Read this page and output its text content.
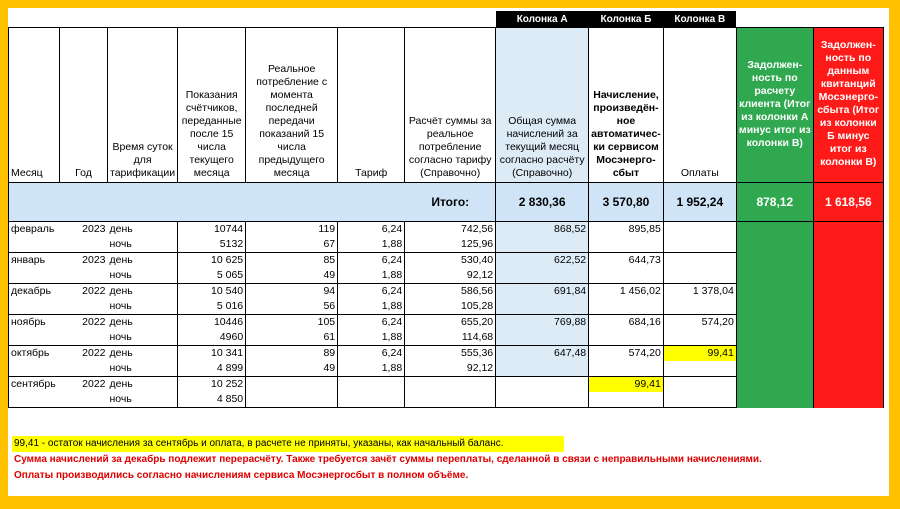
							Колонка А	Колонка Б	Колонка В		
Месяц	Год	Время суток для тарификации	Показания счётчиков, переданные после 15 числа текущего месяца	Реальное потребление с момента последней передачи показаний 15 числа предыдущего месяца	Тариф	Расчёт суммы за реальное потребление согласно тарифу (Справочно)	Общая сумма начислений за текущий месяц согласно расчёту (Справочно)	Начисление, произведён-ное автоматичес-ки сервисом Мосэнерго-сбыт	Оплаты	Задолжен-ность по расчету клиента (Итог из колонки А минус итог из колонки В)	Задолжен-ность по данным квитанций Мосэнерго-сбыта (Итог из колонки Б минус итог из колонки В)
Итого:							2 830,36	3 570,80	1 952,24	878,12	1 618,56
февраль	2023	день	10744	119	6,24	742,56	868,52	895,85			
		ночь	5132	67	1,88	125,96					
январь	2023	день	10 625	85	6,24	530,40	622,52	644,73			
		ночь	5 065	49	1,88	92,12					
декабрь	2022	день	10 540	94	6,24	586,56	691,84	1 456,02	1 378,04		
		ночь	5 016	56	1,88	105,28					
ноябрь	2022	день	10446	105	6,24	655,20	769,88	684,16	574,20		
		ночь	4960	61	1,88	114,68					
октябрь	2022	день	10 341	89	6,24	555,36	647,48	574,20	99,41		
		ночь	4 899	49	1,88	92,12					
сентябрь	2022	день	10 252					99,41			
		ночь	4 850								
99,41 - остаток начисления за сентябрь и оплата, в расчете не приняты, указаны, как начальный баланс.
Сумма начислений за декабрь подлежит перерасчёту. Также требуется зачёт суммы переплаты, сделанной в связи с неправильными начислениями.
Оплаты производились согласно начислениям сервиса Мосэнергосбыт в полном объёме.
